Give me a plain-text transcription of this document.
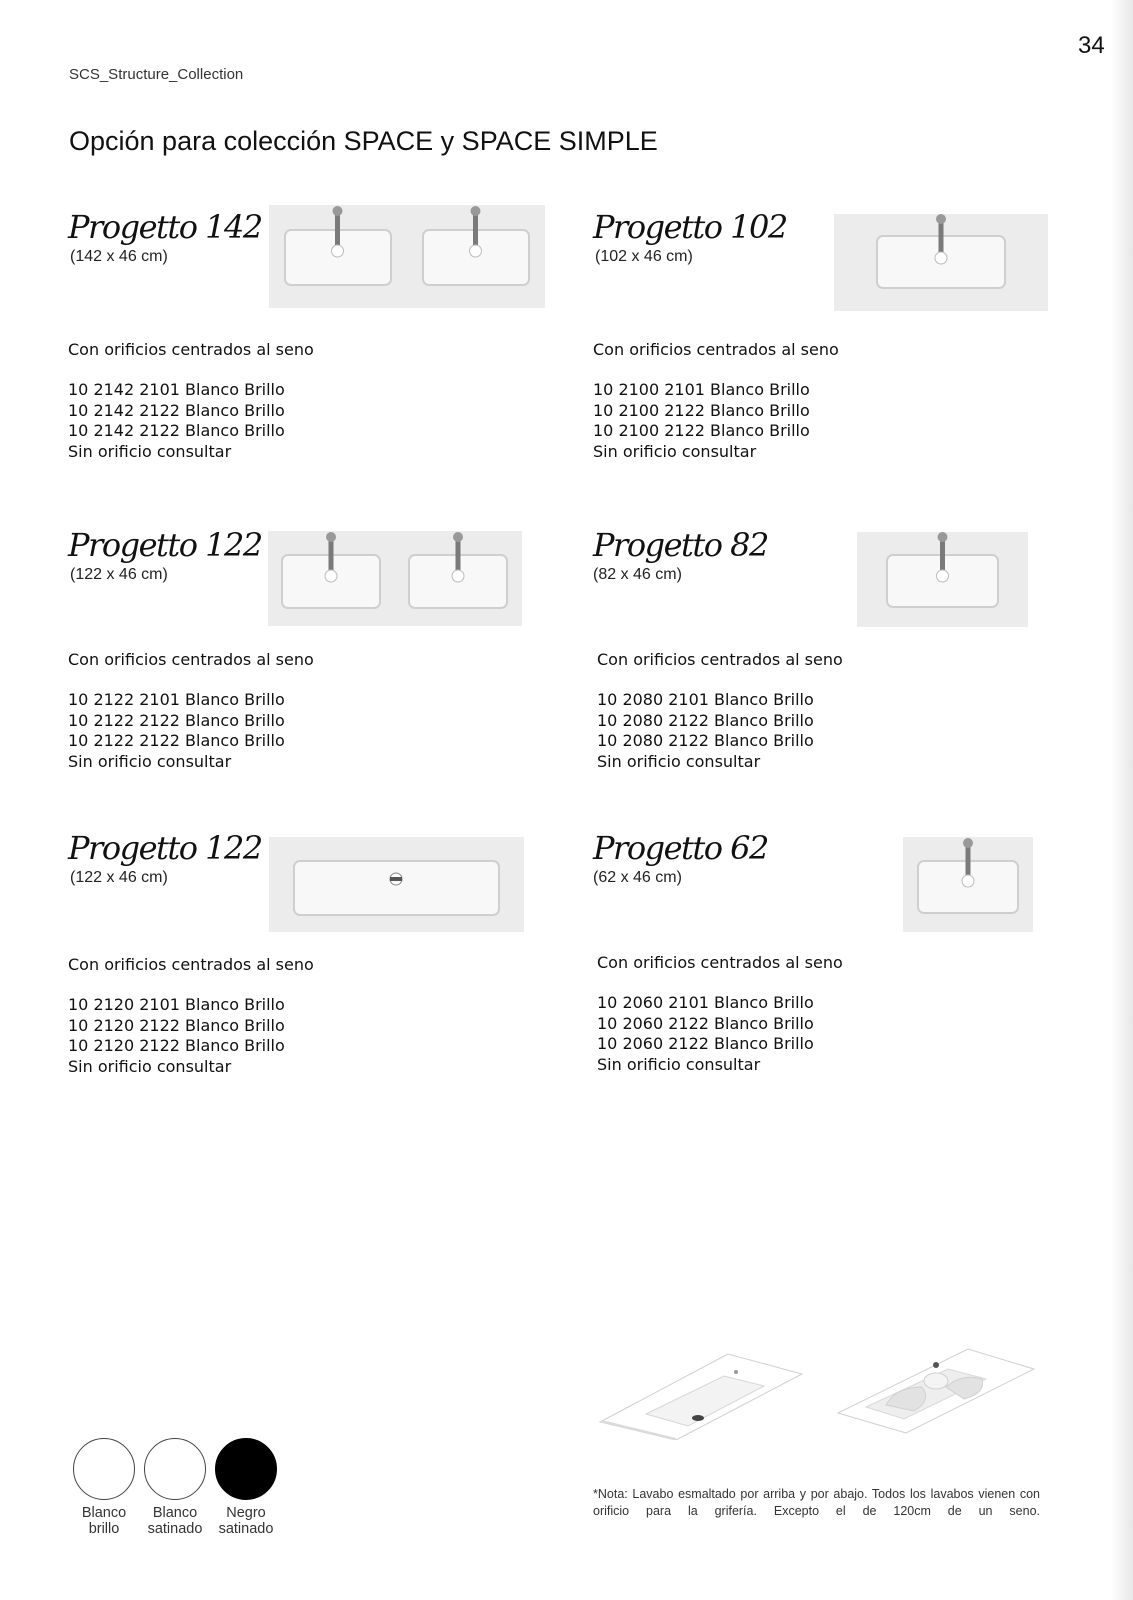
34
SCS_Structure_Collection
Opción para colección SPACE y SPACE SIMPLE
Progetto 142
(142 x 46 cm)
Con orificios centrados al seno
10 2142 2101 Blanco Brillo
10 2142 2122 Blanco Brillo
10 2142 2122 Blanco Brillo
Sin orificio consultar
Progetto 102
(102 x 46 cm)
Con orificios centrados al seno
10 2100 2101 Blanco Brillo
10 2100 2122 Blanco Brillo
10 2100 2122 Blanco Brillo
Sin orificio consultar
Progetto 122
(122 x 46 cm)
Con orificios centrados al seno
10 2122 2101 Blanco Brillo
10 2122 2122 Blanco Brillo
10 2122 2122 Blanco Brillo
Sin orificio consultar
Progetto 82
(82 x 46 cm)
Con orificios centrados al seno
10 2080 2101 Blanco Brillo
10 2080 2122 Blanco Brillo
10 2080 2122 Blanco Brillo
Sin orificio consultar
Progetto 122
(122 x 46 cm)
Con orificios centrados al seno
10 2120 2101 Blanco Brillo
10 2120 2122 Blanco Brillo
10 2120 2122 Blanco Brillo
Sin orificio consultar
Progetto 62
(62 x 46 cm)
Con orificios centrados al seno
10 2060 2101 Blanco Brillo
10 2060 2122 Blanco Brillo
10 2060 2122 Blanco Brillo
Sin orificio consultar
Blanco
brillo
Blanco
satinado
Negro
satinado
*Nota: Lavabo esmaltado por arriba y por abajo. Todos los lavabos vienen con orificio para la grifería. Excepto el de 120cm de un seno.
